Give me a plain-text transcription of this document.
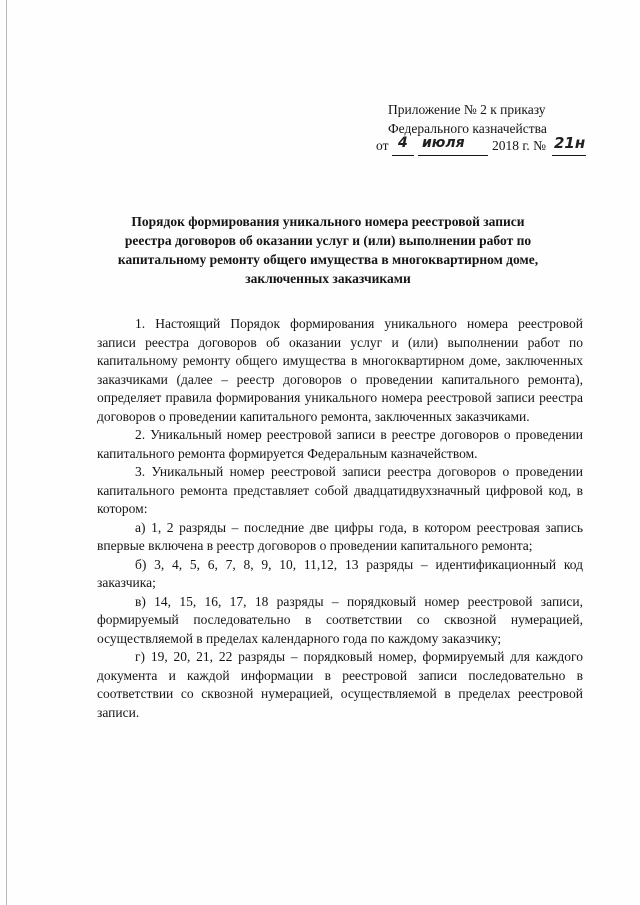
Приложение № 2 к приказу
Федерального казначейства
от 4 июля 2018 г. № 21н
Порядок формирования уникального номера реестровой записи
реестра договоров об оказании услуг и (или) выполнении работ по
капитальному ремонту общего имущества в многоквартирном доме,
заключенных заказчиками

1. Настоящий Порядок формирования уникального номера реестровой записи реестра договоров об оказании услуг и (или) выполнении работ по капитальному ремонту общего имущества в многоквартирном доме, заключенных заказчиками (далее – реестр договоров о проведении капитального ремонта), определяет правила формирования уникального номера реестровой записи реестра договоров о проведении капитального ремонта, заключенных заказчиками.

2. Уникальный номер реестровой записи в реестре договоров о проведении капитального ремонта формируется Федеральным казначейством.

3. Уникальный номер реестровой записи реестра договоров о проведении капитального ремонта представляет собой двадцатидвухзначный цифровой код, в котором:

а) 1, 2 разряды – последние две цифры года, в котором реестровая запись впервые включена в реестр договоров о проведении капитального ремонта;

б) 3, 4, 5, 6, 7, 8, 9, 10, 11,12, 13 разряды – идентификационный код заказчика;

в) 14, 15, 16, 17, 18 разряды – порядковый номер реестровой записи, формируемый последовательно в соответствии со сквозной нумерацией, осуществляемой в пределах календарного года по каждому заказчику;

г) 19, 20, 21, 22 разряды – порядковый номер, формируемый для каждого документа и каждой информации в реестровой записи последовательно в соответствии со сквозной нумерацией, осуществляемой в пределах реестровой записи.
